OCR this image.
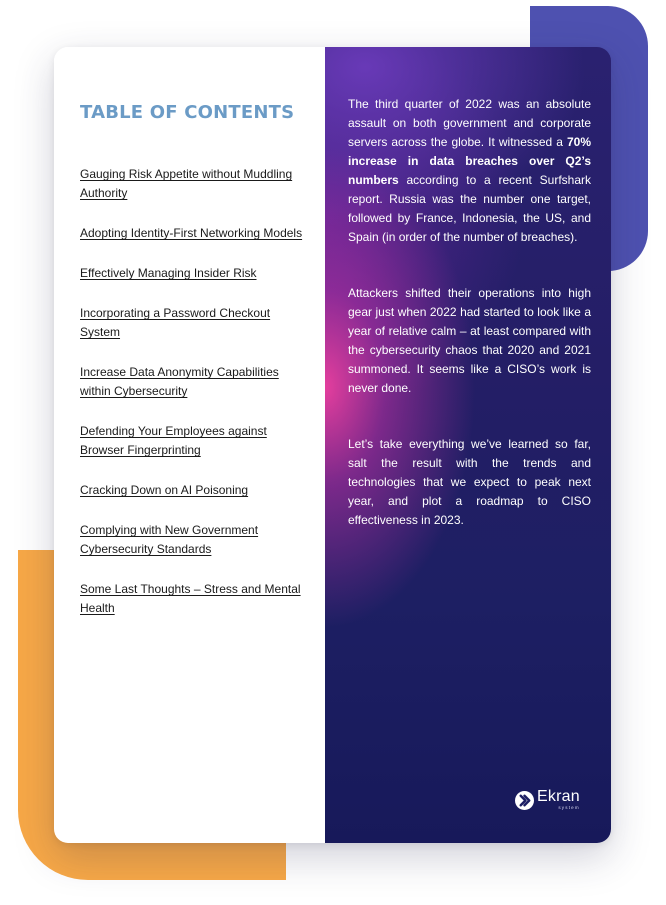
TABLE OF CONTENTS
Gauging Risk Appetite without Muddling Authority
Adopting Identity-First Networking Models
Effectively Managing Insider Risk
Incorporating a Password Checkout System
Increase Data Anonymity Capabilities within Cybersecurity
Defending Your Employees against Browser Fingerprinting
Cracking Down on AI Poisoning
Complying with New Government Cybersecurity Standards
Some Last Thoughts – Stress and Mental Health

The third quarter of 2022 was an absolute assault on both government and corporate servers across the globe. It witnessed a 70% increase in data breaches over Q2’s numbers according to a recent Surfshark report. Russia was the number one target, followed by France, Indonesia, the US, and Spain (in order of the number of breaches).

Attackers shifted their operations into high gear just when 2022 had started to look like a year of relative calm – at least compared with the cybersecurity chaos that 2020 and 2021 summoned. It seems like a CISO’s work is never done.

Let’s take everything we’ve learned so far, salt the result with the trends and technologies that we expect to peak next year, and plot a roadmap to CISO effectiveness in 2023.

Ekran
system
